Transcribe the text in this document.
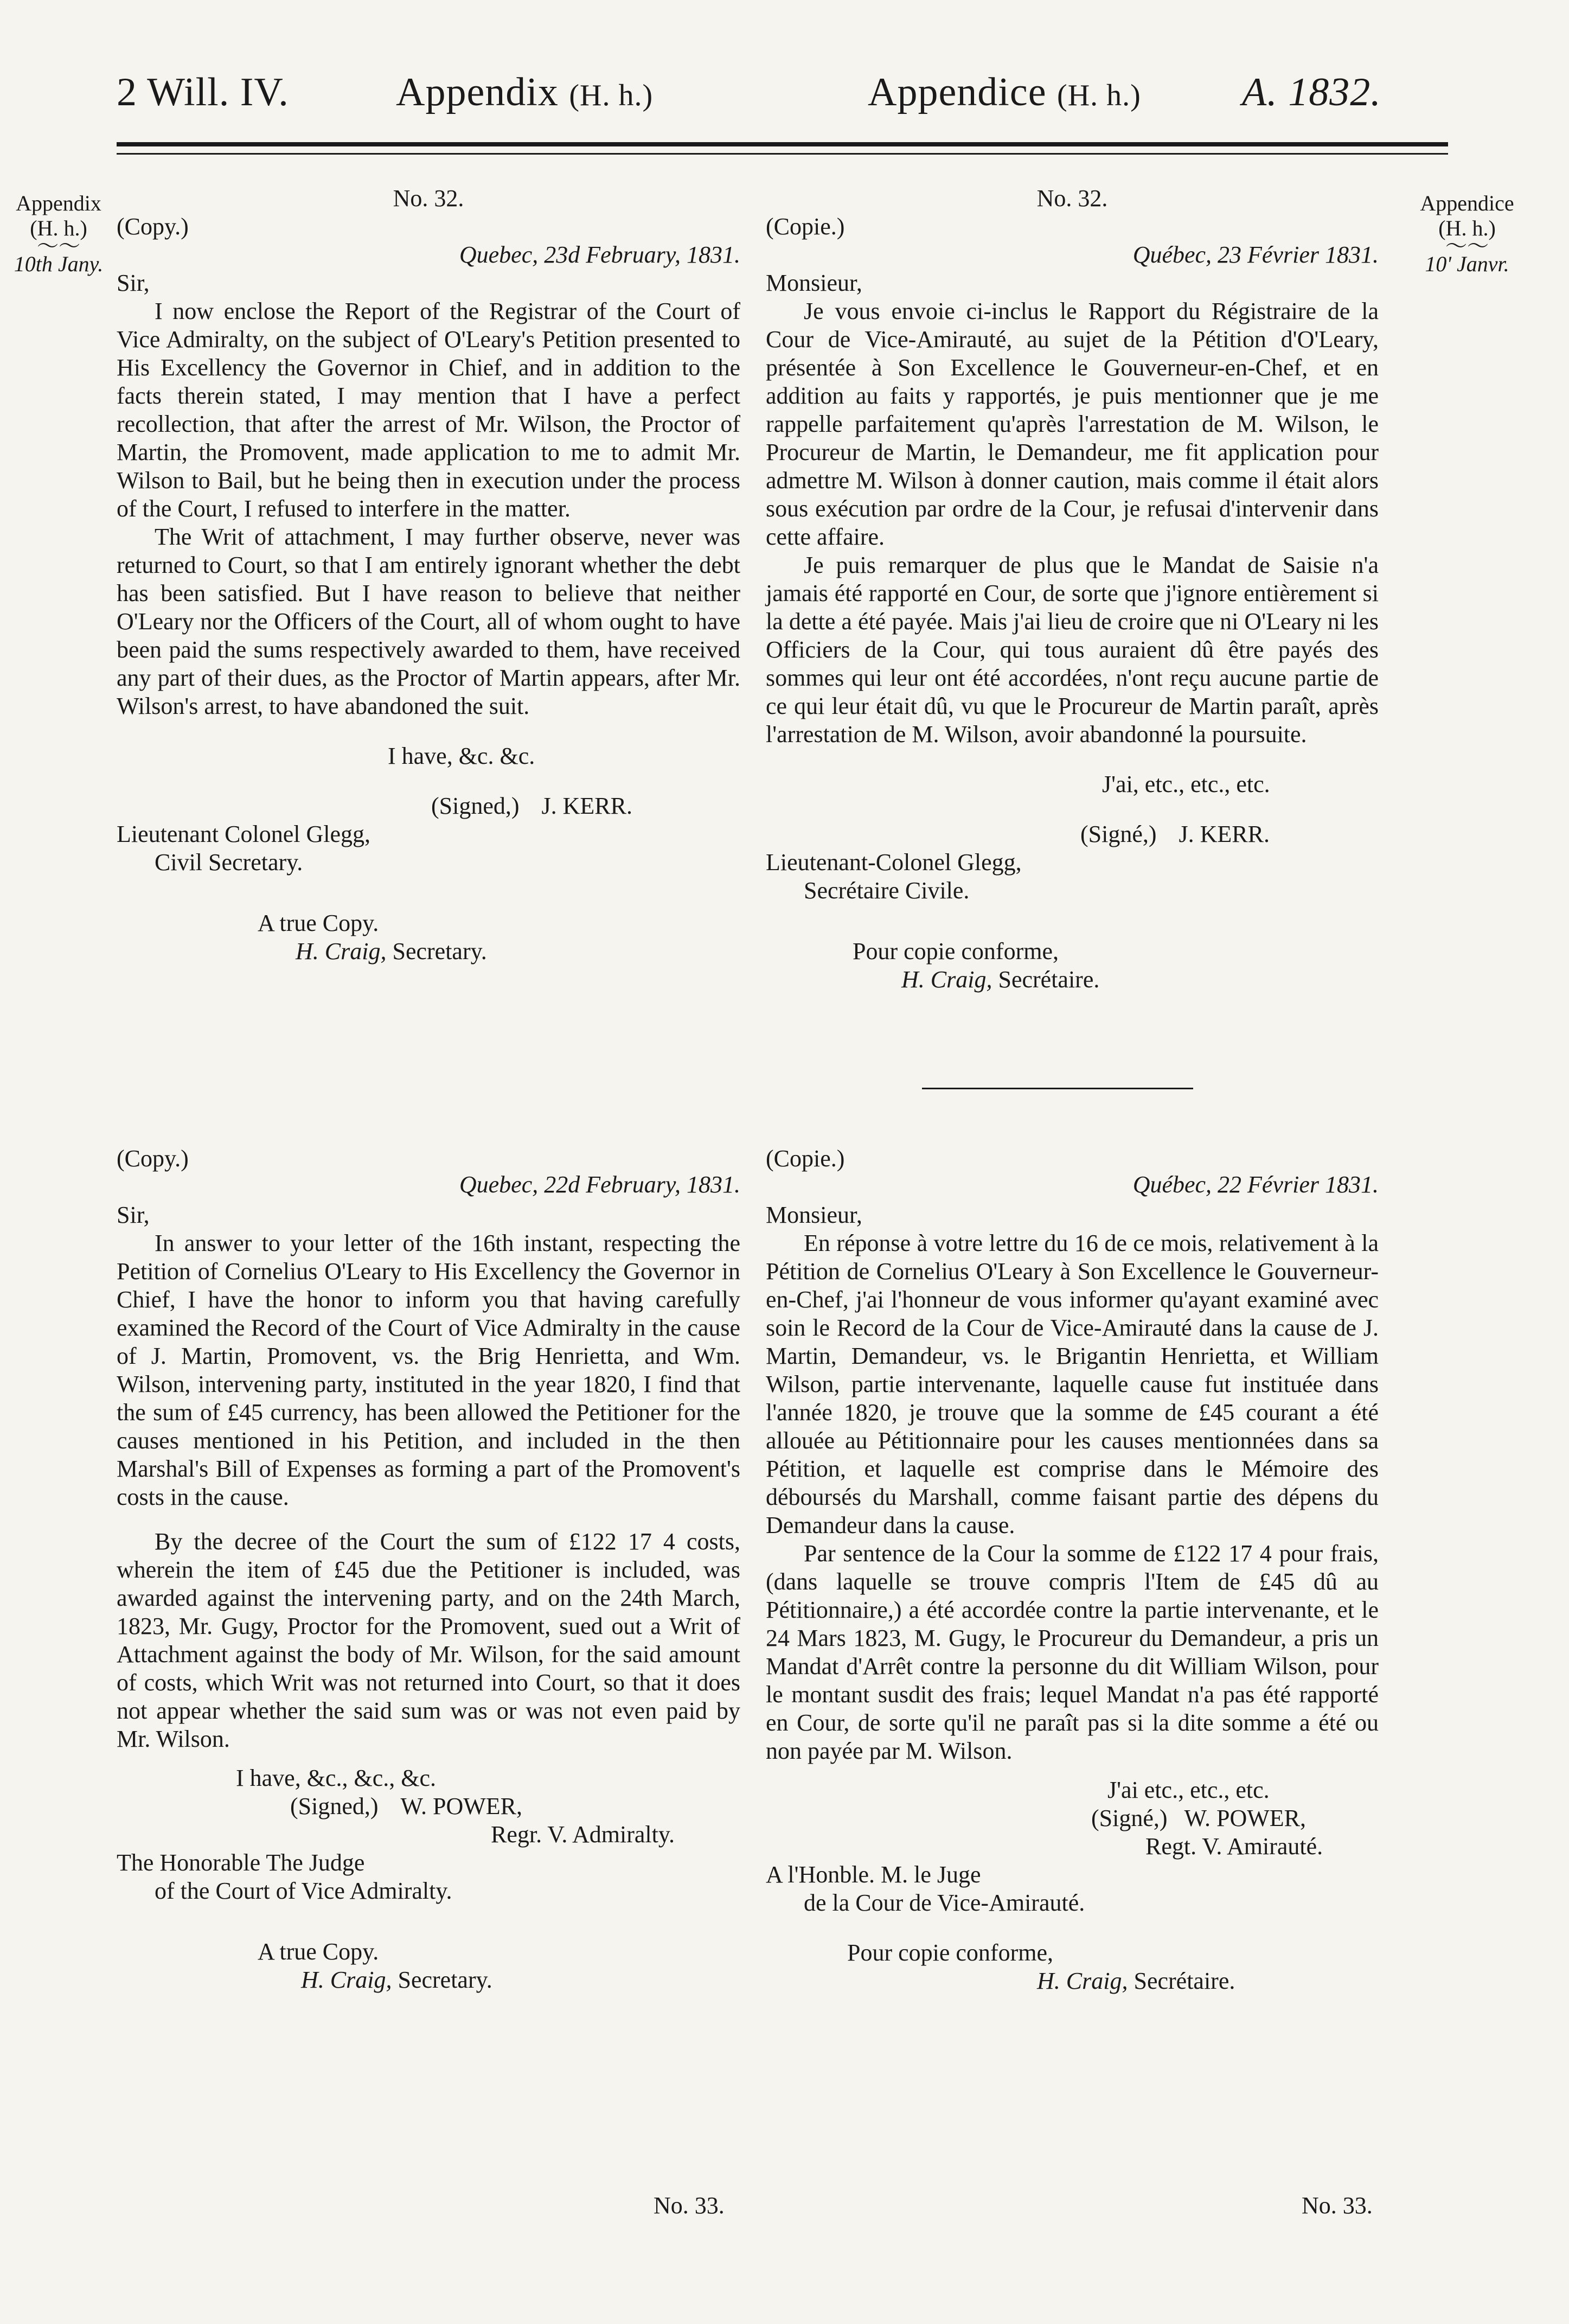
2 Will. IV.	Appendix (H. h.)	Appendice (H. h.)	A. 1832.
Appendix
(H. h.)
〜〜
10th Jany.
Appendice
(H. h.)
〜〜
10' Janvr.
No. 32.
(Copy.)
Quebec, 23d February, 1831.
Sir,

I now enclose the Report of the Registrar of the Court of Vice Admiralty, on the subject of O'Leary's Petition presented to His Excellency the Governor in Chief, and in addition to the facts therein stated, I may mention that I have a perfect recollection, that after the arrest of Mr. Wilson, the Proctor of Martin, the Promovent, made application to me to admit Mr. Wilson to Bail, but he being then in execution under the process of the Court, I refused to interfere in the matter.

The Writ of attachment, I may further observe, never was returned to Court, so that I am entirely ignorant whether the debt has been satisfied. But I have reason to believe that neither O'Leary nor the Officers of the Court, all of whom ought to have been paid the sums respectively awarded to them, have received any part of their dues, as the Proctor of Martin appears, after Mr. Wilson's arrest, to have abandoned the suit.

I have, &c. &c.
(Signed,) J. KERR.
Lieutenant Colonel Glegg,
Civil Secretary.
A true Copy.
H. Craig, Secretary.
No. 32.
(Copie.)
Québec, 23 Février 1831.
Monsieur,

Je vous envoie ci-inclus le Rapport du Régistraire de la Cour de Vice-Amirauté, au sujet de la Pétition d'O'Leary, présentée à Son Excellence le Gouverneur-en-Chef, et en addition au faits y rapportés, je puis mentionner que je me rappelle parfaitement qu'après l'arrestation de M. Wilson, le Procureur de Martin, le Demandeur, me fit application pour admettre M. Wilson à donner caution, mais comme il était alors sous exécution par ordre de la Cour, je refusai d'intervenir dans cette affaire.

Je puis remarquer de plus que le Mandat de Saisie n'a jamais été rapporté en Cour, de sorte que j'ignore entièrement si la dette a été payée. Mais j'ai lieu de croire que ni O'Leary ni les Officiers de la Cour, qui tous auraient dû être payés des sommes qui leur ont été accordées, n'ont reçu aucune partie de ce qui leur était dû, vu que le Procureur de Martin paraît, après l'arrestation de M. Wilson, avoir abandonné la poursuite.

J'ai, etc., etc., etc.
(Signé,) J. KERR.
Lieutenant-Colonel Glegg,
Secrétaire Civile.
Pour copie conforme,
H. Craig, Secrétaire.
(Copy.)
Quebec, 22d February, 1831.
Sir,

In answer to your letter of the 16th instant, respecting the Petition of Cornelius O'Leary to His Excellency the Governor in Chief, I have the honor to inform you that having carefully examined the Record of the Court of Vice Admiralty in the cause of J. Martin, Promovent, vs. the Brig Henrietta, and Wm. Wilson, intervening party, instituted in the year 1820, I find that the sum of £45 currency, has been allowed the Petitioner for the causes mentioned in his Petition, and included in the then Marshal's Bill of Expenses as forming a part of the Promovent's costs in the cause.

By the decree of the Court the sum of £122 17 4 costs, wherein the item of £45 due the Petitioner is included, was awarded against the intervening party, and on the 24th March, 1823, Mr. Gugy, Proctor for the Promovent, sued out a Writ of Attachment against the body of Mr. Wilson, for the said amount of costs, which Writ was not returned into Court, so that it does not appear whether the said sum was or was not even paid by Mr. Wilson.

I have, &c., &c., &c.
(Signed,) W. POWER,
Regr. V. Admiralty.
The Honorable The Judge
of the Court of Vice Admiralty.
A true Copy.
H. Craig, Secretary.
(Copie.)
Québec, 22 Février 1831.
Monsieur,

En réponse à votre lettre du 16 de ce mois, relativement à la Pétition de Cornelius O'Leary à Son Excellence le Gouverneur-en-Chef, j'ai l'honneur de vous informer qu'ayant examiné avec soin le Record de la Cour de Vice-Amirauté dans la cause de J. Martin, Demandeur, vs. le Brigantin Henrietta, et William Wilson, partie intervenante, laquelle cause fut instituée dans l'année 1820, je trouve que la somme de £45 courant a été allouée au Pétitionnaire pour les causes mentionnées dans sa Pétition, et laquelle est comprise dans le Mémoire des déboursés du Marshall, comme faisant partie des dépens du Demandeur dans la cause.

Par sentence de la Cour la somme de £122 17 4 pour frais, (dans laquelle se trouve compris l'Item de £45 dû au Pétitionnaire,) a été accordée contre la partie intervenante, et le 24 Mars 1823, M. Gugy, le Procureur du Demandeur, a pris un Mandat d'Arrêt contre la personne du dit William Wilson, pour le montant susdit des frais; lequel Mandat n'a pas été rapporté en Cour, de sorte qu'il ne paraît pas si la dite somme a été ou non payée par M. Wilson.

J'ai etc., etc., etc.
(Signé,) W. POWER,
Regt. V. Amirauté.
A l'Honble. M. le Juge
de la Cour de Vice-Amirauté.
Pour copie conforme,
H. Craig, Secrétaire.
No. 33.	No. 33.
